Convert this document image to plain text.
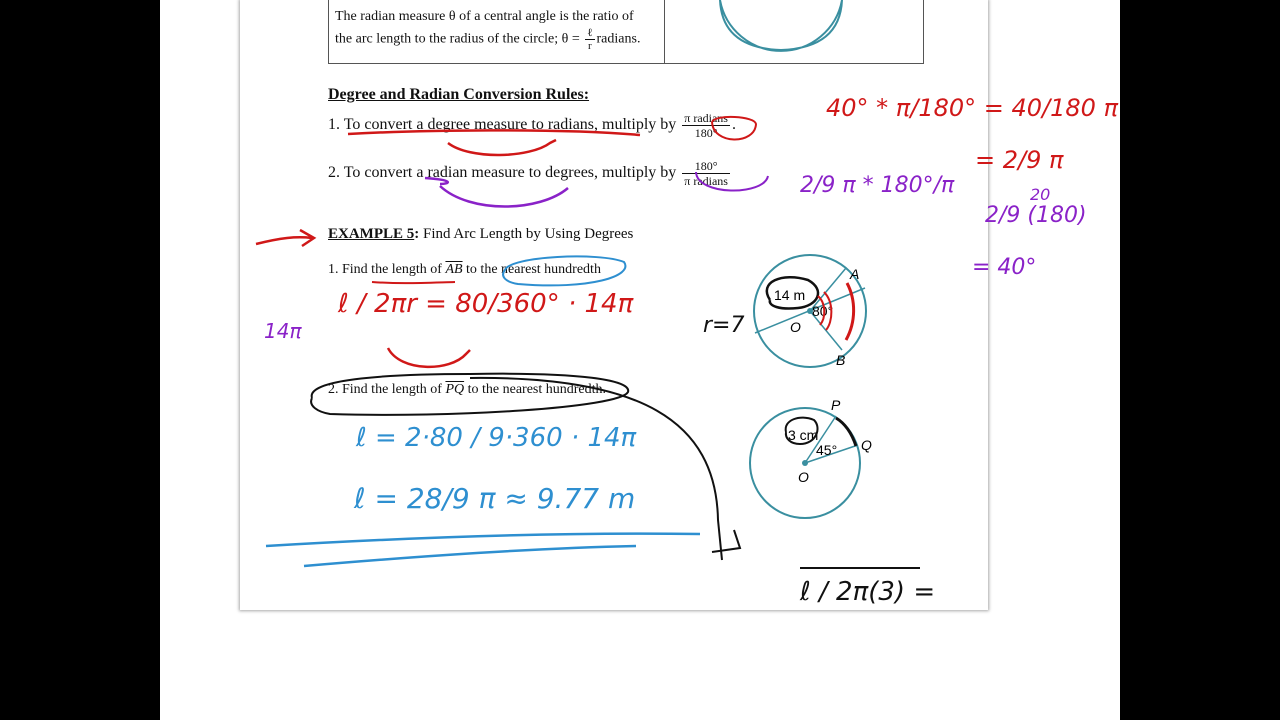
The radian measure θ of a central angle is the ratio of
the arc length to the radius of the circle; $\theta = \frac{\text{ℓ}}{r}$ radians.
Degree and Radian Conversion Rules:
1. To convert a degree measure to radians, multiply by $\frac{\text{π radians}}{180^\circ}$ .
2. To convert a radian measure to degrees, multiply by $\frac{180^\circ}{\text{π radians}}$
EXAMPLE 5: Find Arc Length by Using Degrees
1. Find the length of $\overline{AB}$ to the nearest hundredth
2. Find the length of $\overline{PQ}$ to the nearest hundredth.
A
B
O
14 m
80°
P
Q
O
3 cm
45°
40° * π/180° = 40/180 π
= 2/9 π
2/9 π * 180°/π	20
2/9 (180)
= 40°
ℓ / 2πr = 80/360° · 14π
r=7
14π
ℓ = 2·80 / 9·360 · 14π
ℓ = 28/9 π ≈ 9.77 m
ℓ / 2π(3) =
